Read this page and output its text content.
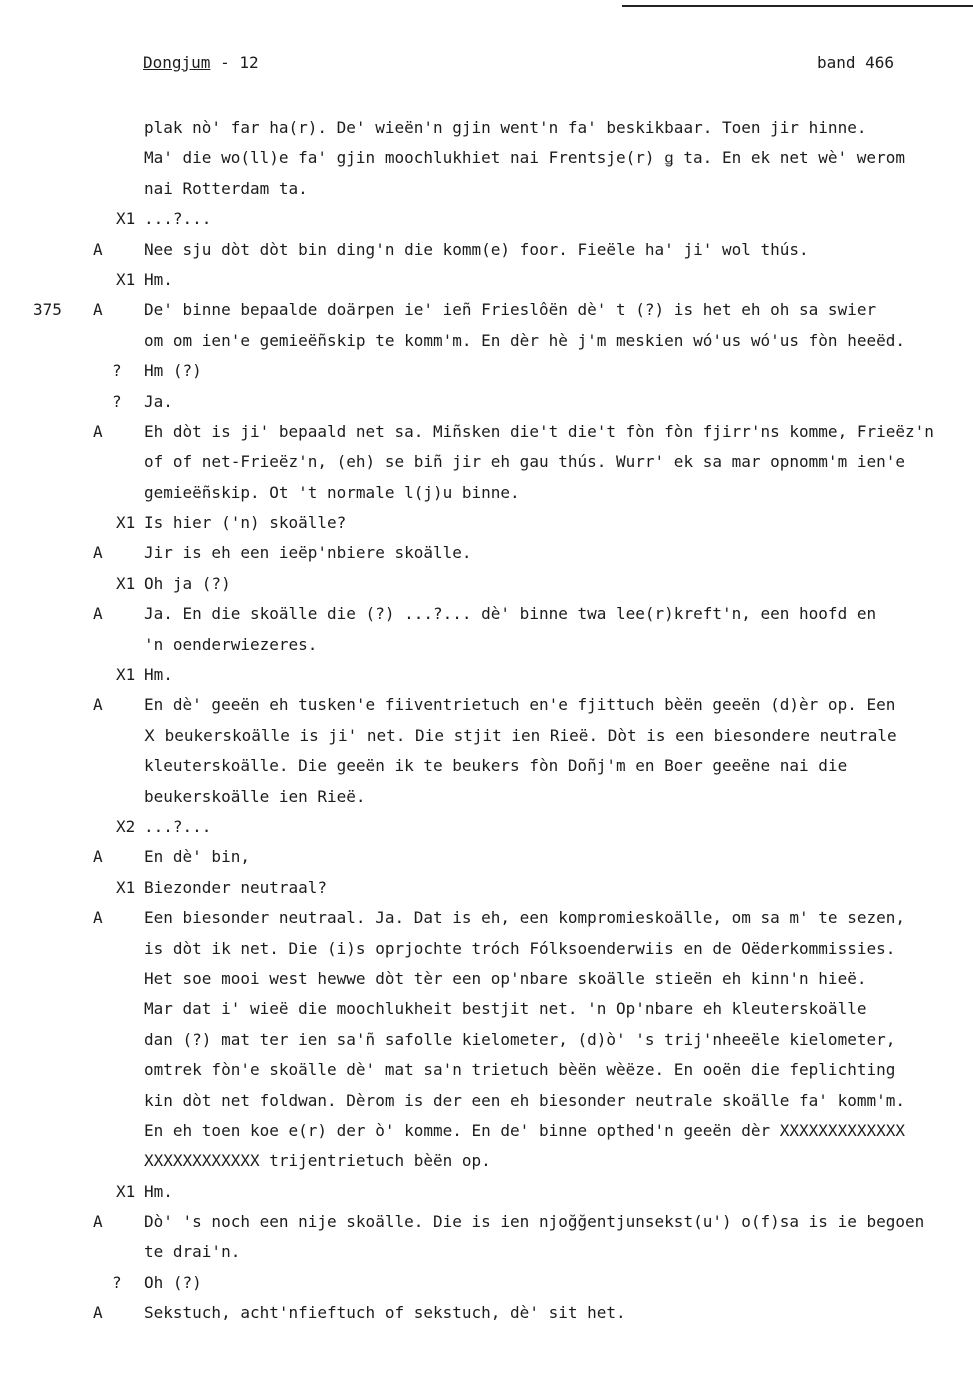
Dongjum - 12	band 466
plak nò' far ha(r). De' wieën'n gjin went'n fa' beskikbaar. Toen jir hinne.
Ma' die wo(ll)e fa' gjin moochlukhiet nai Frentsje(r) ǥ ta. En ek net wè' werom
nai Rotterdam ta.
X1 ...?...
A	Nee sju dòt dòt bin ding'n die komm(e) foor. Fieële ha' ji' wol thús.
X1 Hm.
375 A	De' binne bepaalde doärpen ie' ieñ Frieslôën dè' t (?) is het eh oh sa swier
om om ien'e gemieëñskip te komm'm. En dèr hè j'm meskien wó'us wó'us fòn heeëd.
? Hm (?)
? Ja.
A	Eh dòt is ji' bepaald net sa. Miñsken die't die't fòn fòn fjirr'ns komme, Frieëz'n
of of net-Frieëz'n, (eh) se biñ jir eh gau thús. Wurr' ek sa mar opnomm'm ien'e
gemieëñskip. Ot 't normale l(j)u binne.
X1 Is hier ('n) skoälle?
A	Jir is eh een ieëp'nbiere skoälle.
X1 Oh ja (?)
A	Ja. En die skoälle die (?) ...?... dè' binne twa lee(r)kreft'n, een hoofd en
'n oenderwiezeres.
X1 Hm.
A	En dè' geeën eh tusken'e fiiventrietuch en'e fjittuch bèën geeën (d)èr op. Een
Ⅹ beukerskoälle is ji' net. Die stjit ien Rieë. Dòt is een biesondere neutrale
kleuterskoälle. Die geeën ik te beukers fòn Doñj'm en Boer geeëne nai die
beukerskoälle ien Rieë.
X2 ...?...
A	En dè' bin,
X1 Biezonder neutraal?
A	Een biesonder neutraal. Ja. Dat is eh, een kompromieskoälle, om sa m' te sezen,
is dòt ik net. Die (i)s oprjochte tróch Fólksoenderwiis en de Oëderkommissies.
Het soe mooi west hewwe dòt tèr een op'nbare skoälle stieën eh kinn'n hieë.
Mar dat i' wieë die moochlukheit bestjit net. 'n Op'nbare eh kleuterskoälle
dan (?) mat ter ien sa'ñ safolle kielometer, (d)ò' 's trij'nheeële kielometer,
omtrek fòn'e skoälle dè' mat sa'n trietuch bèën wèëze. En ooën die feplichting
kin dòt net foldwan. Dèrom is der een eh biesonder neutrale skoälle fa' komm'm.
En eh toen koe e(r) der ò' komme. En de' binne opthed'n geeën dèr XXXXXXXXXXXXX
XXXXXXXXXXXX trijentrietuch bèën op.
X1 Hm.
A	Dò' 's noch een nije skoälle. Die is ien njoğğentjunsekst(u') o(f)sa is ie begoen
te drai'n.
? Oh (?)
A	Sekstuch, acht'nfieftuch of sekstuch, dè' sit het.
